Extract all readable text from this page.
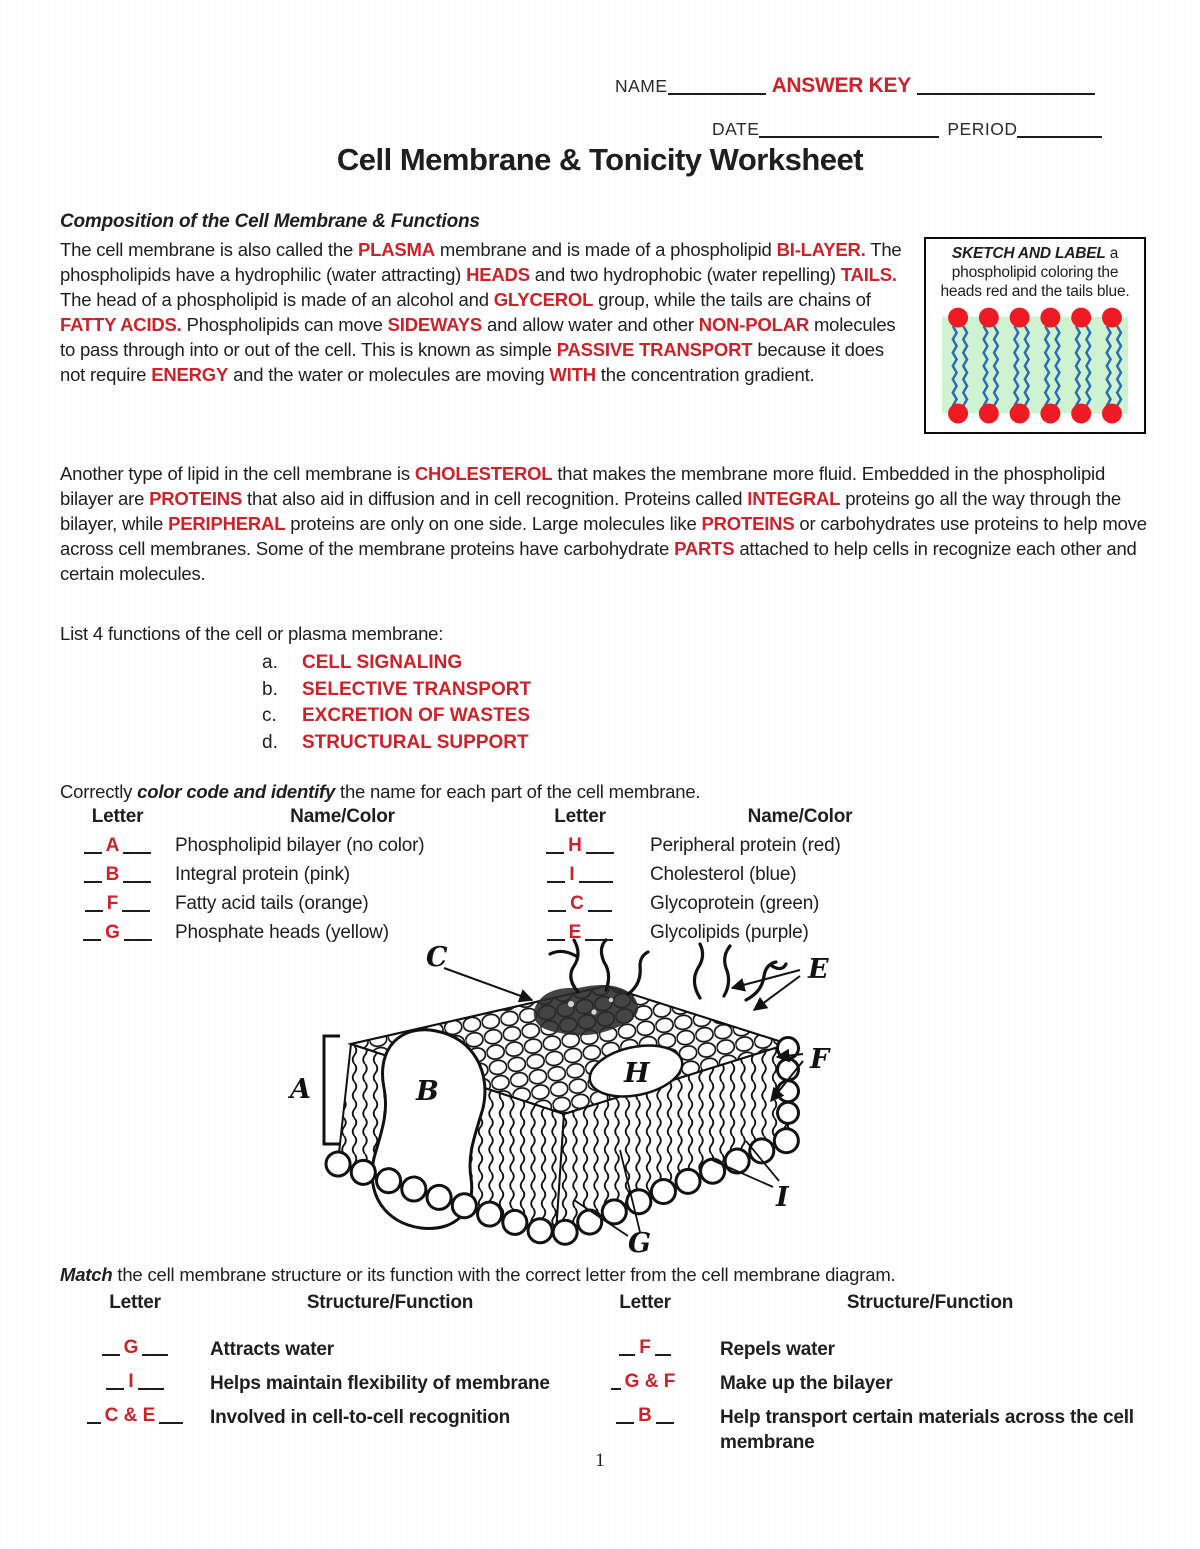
NAME	ANSWER KEY
DATE	PERIOD
Cell Membrane & Tonicity Worksheet
Composition of the Cell Membrane & Functions

The cell membrane is also called the PLASMA membrane and is made of a phospholipid BI-LAYER. The phospholipids have a hydrophilic (water attracting) HEADS and two hydrophobic (water repelling) TAILS. The head of a phospholipid is made of an alcohol and GLYCEROL group, while the tails are chains of FATTY ACIDS. Phospholipids can move SIDEWAYS and allow water and other NON-POLAR molecules to pass through into or out of the cell. This is known as simple PASSIVE TRANSPORT because it does not require ENERGY and the water or molecules are moving WITH the concentration gradient.

SKETCH AND LABEL a phospholipid coloring the heads red and the tails blue.

Another type of lipid in the cell membrane is CHOLESTEROL that makes the membrane more fluid. Embedded in the phospholipid bilayer are PROTEINS that also aid in diffusion and in cell recognition. Proteins called INTEGRAL proteins go all the way through the bilayer, while PERIPHERAL proteins are only on one side. Large molecules like PROTEINS or carbohydrates use proteins to help move across cell membranes. Some of the membrane proteins have carbohydrate PARTS attached to help cells in recognize each other and certain molecules.

List 4 functions of the cell or plasma membrane:
a.	CELL SIGNALING
b.	SELECTIVE TRANSPORT
c.	EXCRETION OF WASTES
d.	STRUCTURAL SUPPORT
Correctly color code and identify the name for each part of the cell membrane.
Letter	Name/Color	Letter	Name/Color
A	Phospholipid bilayer (no color)	H	Peripheral protein (red)
B	Integral protein (pink)	I	Cholesterol (blue)
F	Fatty acid tails (orange)	C	Glycoprotein (green)
G	Phosphate heads (yellow)	E	Glycolipids (purple)
C	E
A	B
H	F
I
G
Match the cell membrane structure or its function with the correct letter from the cell membrane diagram.
Letter	Structure/Function	Letter	Structure/Function
G	Attracts water	F	Repels water
I	Helps maintain flexibility of membrane	G & F	Make up the bilayer
C & E	Involved in cell-to-cell recognition	B	Help transport certain materials across the cell membrane
1
